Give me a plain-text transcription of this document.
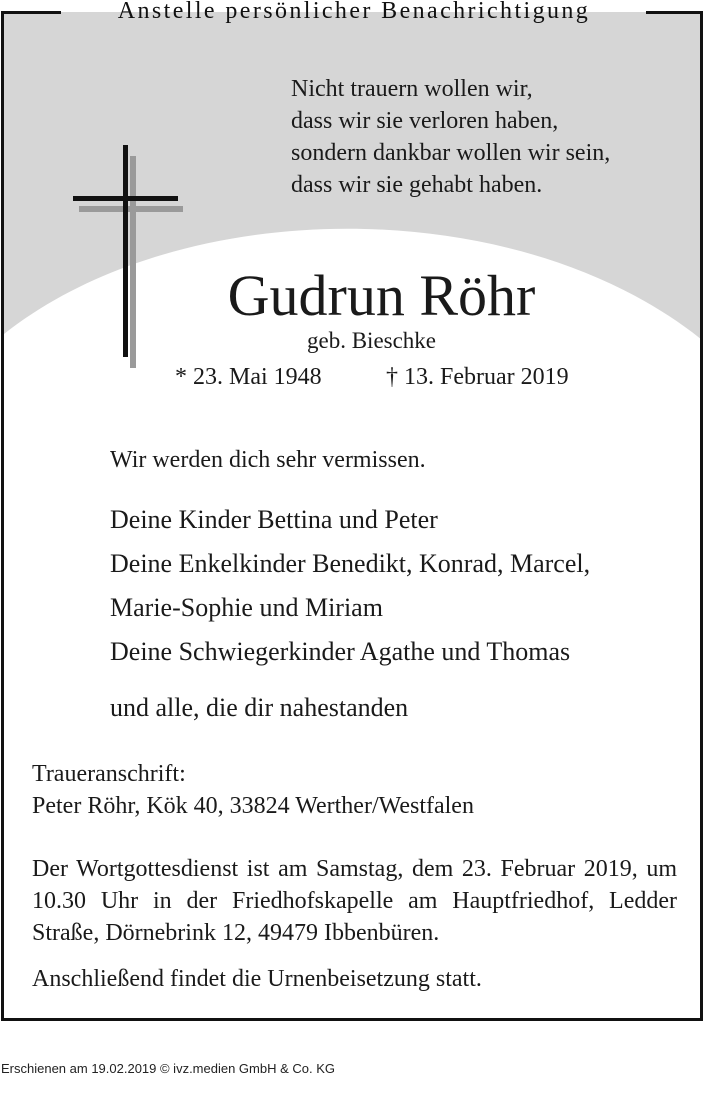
Anstelle persönlicher Benachrichtigung
Nicht trauern wollen wir,
dass wir sie verloren haben,
sondern dankbar wollen wir sein,
dass wir sie gehabt haben.
Gudrun Röhr
geb. Bieschke
* 23. Mai 1948	† 13. Februar 2019
Wir werden dich sehr vermissen.
Deine Kinder Bettina und Peter
Deine Enkelkinder Benedikt, Konrad, Marcel,
Marie-Sophie und Miriam
Deine Schwiegerkinder Agathe und Thomas
und alle, die dir nahestanden
Traueranschrift:
Peter Röhr, Kök 40, 33824 Werther/Westfalen
Der Wortgottesdienst ist am Samstag, dem 23. Februar 2019, um 10.30 Uhr in der Friedhofskapelle am Hauptfriedhof, Ledder Straße, Dörnebrink 12, 49479 Ibbenbüren.
Anschließend findet die Urnenbeisetzung statt.
Erschienen am 19.02.2019 © ivz.medien GmbH & Co. KG
